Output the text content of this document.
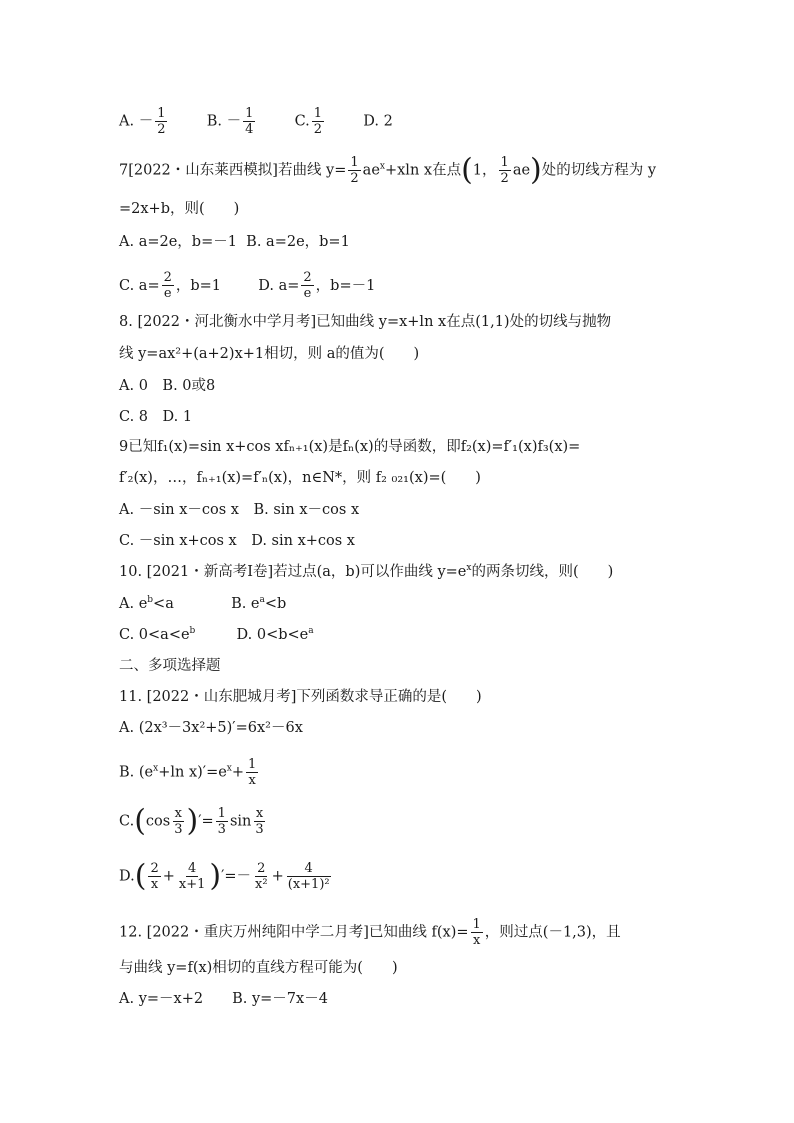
A. － $\frac{1}{2}$	B. － $\frac{1}{4}$	C. $\frac{1}{2}$	D. 2
7[2022・山东莱西模拟]若曲线 $y= \frac{1}{2} ae^x+xln$ x在点(1， $\frac{1}{2} ae$)处的切线方程为 y
=2x+b，则(　　)
A. a=2e，b=－1 B. a=2e，b=1
C. $a= \frac{2}{e}$ ，b=1	D. $a= \frac{2}{e}$ ，b=－1
8. [2022・河北衡水中学月考]已知曲线 y=x+ln x在点(1,1)处的切线与抛物
线 y=ax²+(a+2)x+1相切，则 a的值为(　　)
A. 0　B. 0或8
C. 8　D. 1
9已知f₁(x)=sin x+cos xfₙ₊₁(x)是fₙ(x)的导函数，即f₂(x)=f′₁(x)f₃(x)=
f′₂(x)，…，fₙ₊₁(x)=f′ₙ(x)，n∈N*，则 f₂ ₀₂₁(x)=(　　)
A. －sin x－cos x　B. sin x－cos x
C. －sin x+cos x　D. sin x+cos x
10. [2021・新高考Ⅰ卷]若过点(a，b)可以作曲线 $y=e^x$的两条切线，则(　　)
A. $e^b<a$	B. $e^a<b$
C. $0<a<e^b$	D. $0<b<e^a$
二、多项选择题
11. [2022・山东肥城月考]下列函数求导正确的是(　　)
A. (2x³－3x²+5)′=6x²－6x
B. ($e^x+\ln$ $x)'=e^x+ \frac{1}{x}$
$C.(\cos \frac{x}{3}$ )′= $\frac{1}{3}$ $\sin \frac{x}{3}$
$D.( \frac{2}{x} + \frac{4}{x+1}$ )′=－ $\frac{2}{\text{x²}} + \frac{4}{\text{(x+1)²}}$
12. [2022・重庆万州纯阳中学二月考]已知曲线 $f(x)= \frac{1}{x}$ ，则过点(－1,3)，且
与曲线 y=f(x)相切的直线方程可能为(　　)
A. y=－x+2　　B. y=－7x－4
